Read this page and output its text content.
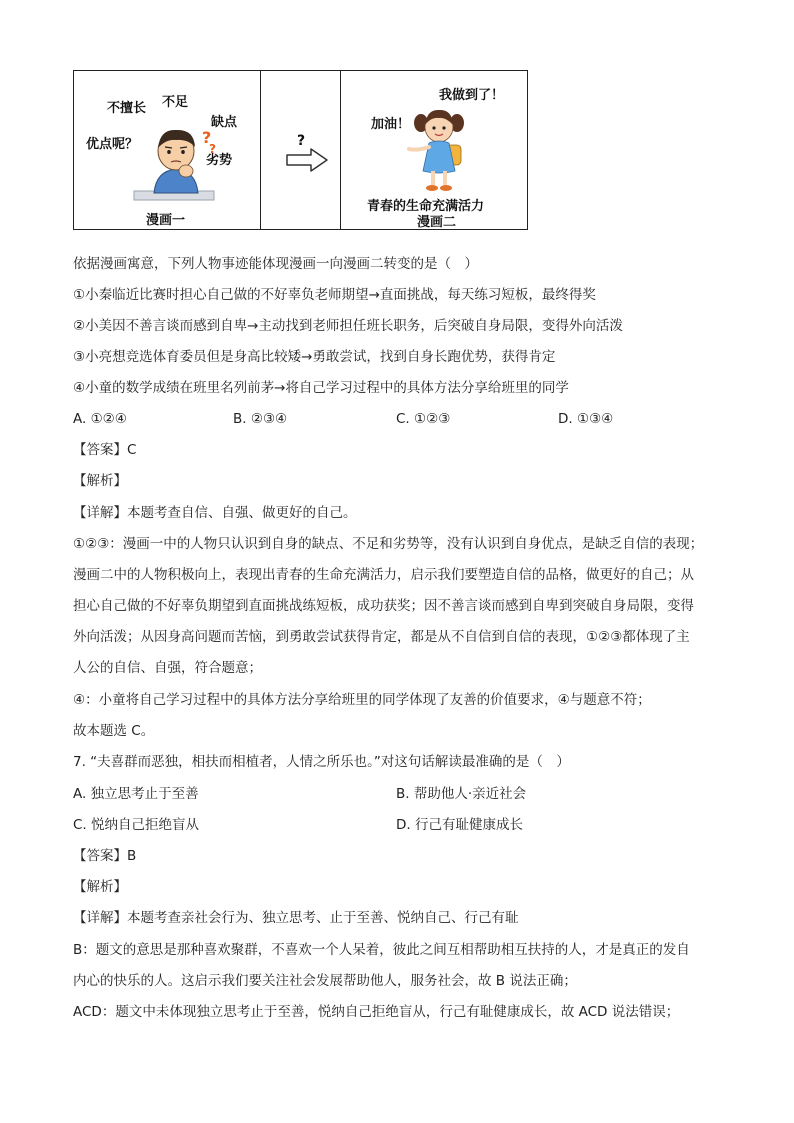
不擅长 不足
缺点
优点呢？
劣势
?
?
漫画一
?
我做到了！
加油！
青春的生命充满活力
漫画二
依据漫画寓意，下列人物事迹能体现漫画一向漫画二转变的是（　）
①小秦临近比赛时担心自己做的不好辜负老师期望→直面挑战，每天练习短板，最终得奖
②小美因不善言谈而感到自卑→主动找到老师担任班长职务，后突破自身局限，变得外向活泼
③小亮想竞选体育委员但是身高比较矮→勇敢尝试，找到自身长跑优势，获得肯定
④小童的数学成绩在班里名列前茅→将自己学习过程中的具体方法分享给班里的同学
A. ①②④	B. ②③④	C. ①②③	D. ①③④
【答案】C
【解析】
【详解】本题考查自信、自强、做更好的自己。
①②③：漫画一中的人物只认识到自身的缺点、不足和劣势等，没有认识到自身优点，是缺乏自信的表现；
漫画二中的人物积极向上，表现出青春的生命充满活力，启示我们要塑造自信的品格，做更好的自己；从
担心自己做的不好辜负期望到直面挑战练短板，成功获奖；因不善言谈而感到自卑到突破自身局限，变得
外向活泼；从因身高问题而苦恼，到勇敢尝试获得肯定，都是从不自信到自信的表现，①②③都体现了主
人公的自信、自强，符合题意；
④：小童将自己学习过程中的具体方法分享给班里的同学体现了友善的价值要求，④与题意不符；
故本题选 C。
7. “夫喜群而恶独，相扶而相植者，人情之所乐也。”对这句话解读最准确的是（　）
A. 独立思考止于至善	B. 帮助他人·亲近社会
C. 悦纳自己拒绝盲从	D. 行己有耻健康成长
【答案】B
【解析】
【详解】本题考查亲社会行为、独立思考、止于至善、悦纳自己、行己有耻
B：题文的意思是那种喜欢聚群，不喜欢一个人呆着，彼此之间互相帮助相互扶持的人，才是真正的发自
内心的快乐的人。这启示我们要关注社会发展帮助他人，服务社会，故 B 说法正确；
ACD：题文中未体现独立思考止于至善，悦纳自己拒绝盲从，行己有耻健康成长，故 ACD 说法错误；
